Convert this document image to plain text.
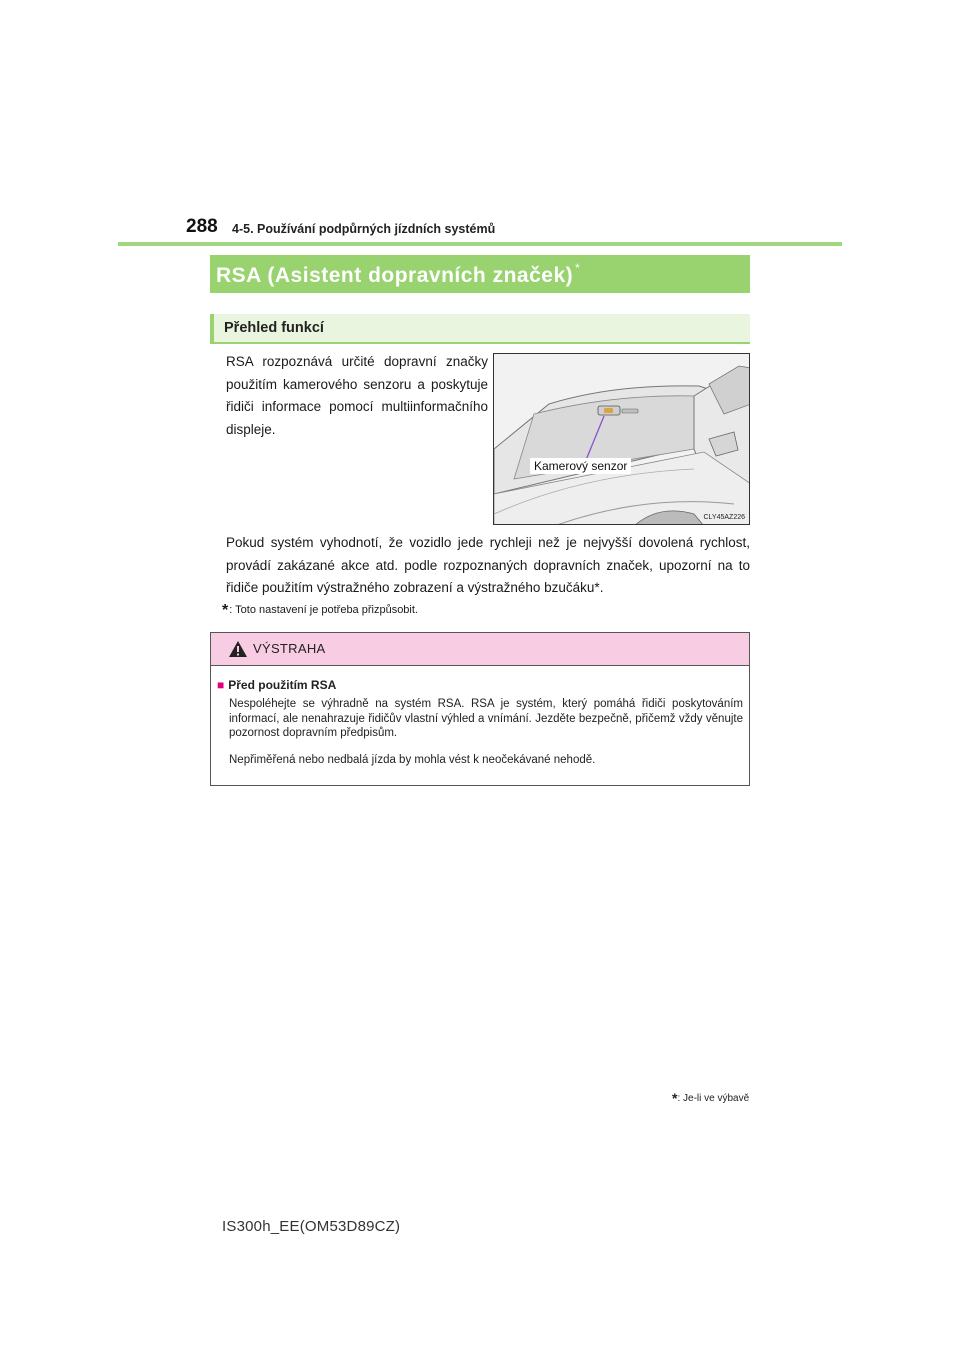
288 4-5. Používání podpůrných jízdních systémů
RSA (Asistent dopravních značek) *
Přehled funkcí
RSA rozpoznává určité dopravní značky použitím kamerového senzoru a poskytuje řidiči informace pomocí multiinformačního displeje.
Kamerový senzor
CLY45AZ226
Pokud systém vyhodnotí, že vozidlo jede rychleji než je nejvyšší dovolená rychlost, provádí zakázané akce atd. podle rozpoznaných dopravních značek, upozorní na to řidiče použitím výstražného zobrazení a výstražného bzučáku*.
*: Toto nastavení je potřeba přizpůsobit.
VÝSTRAHA
■ Před použitím RSA
Nespoléhejte se výhradně na systém RSA. RSA je systém, který pomáhá řidiči poskytováním informací, ale nenahrazuje řidičův vlastní výhled a vnímání. Jezděte bezpečně, přičemž vždy věnujte pozornost dopravním předpisům.
Nepřiměřená nebo nedbalá jízda by mohla vést k neočekávané nehodě.
*: Je-li ve výbavě
IS300h_EE(OM53D89CZ)
